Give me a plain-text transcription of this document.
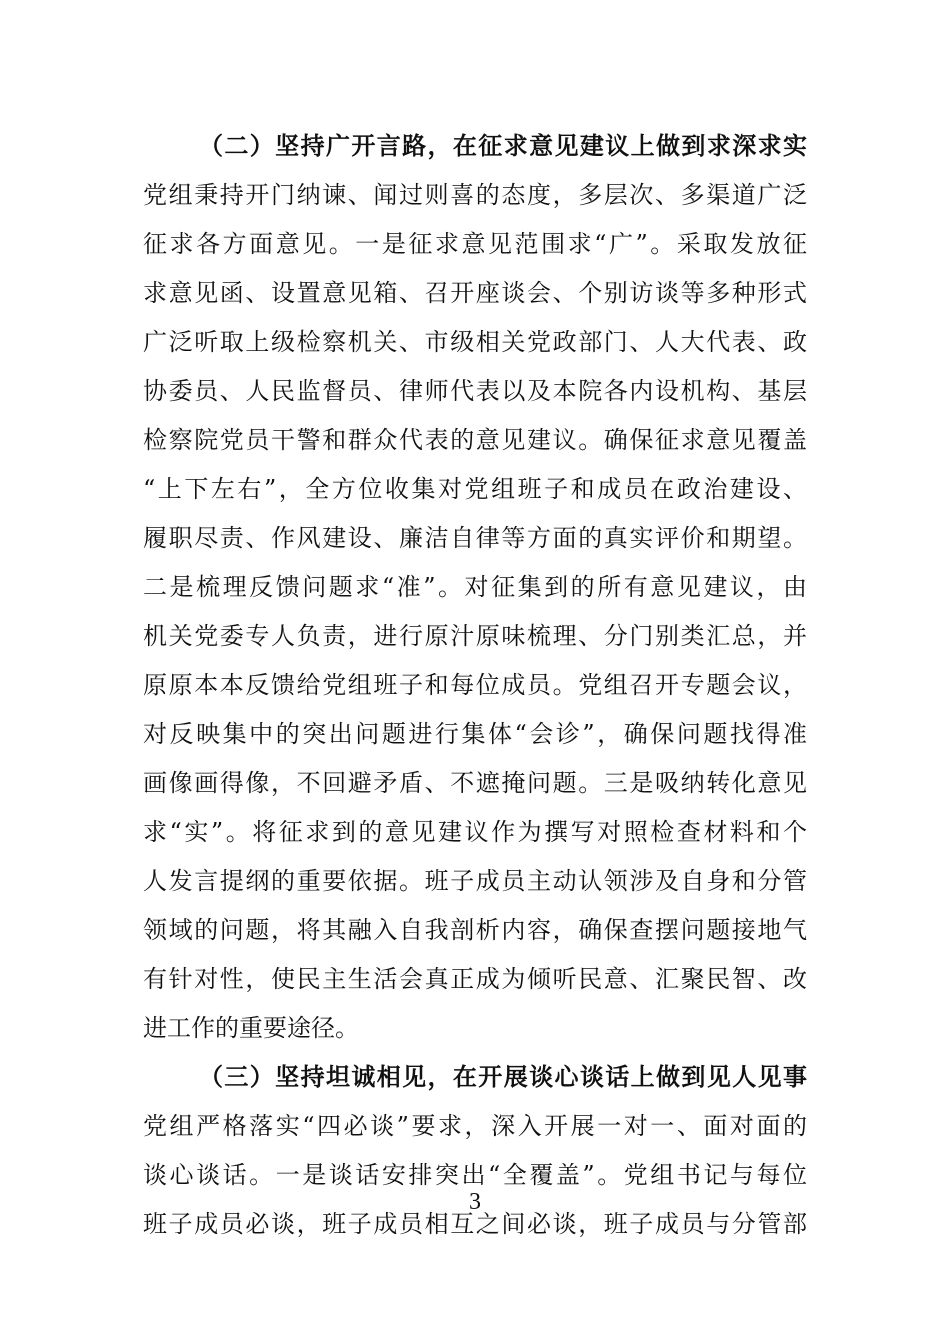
（二）坚持广开言路，在征求意见建议上做到求深求实
党组秉持开门纳谏、闻过则喜的态度，多层次、多渠道广泛
征求各方面意见。一是征求意见范围求“广”。采取发放征
求意见函、设置意见箱、召开座谈会、个别访谈等多种形式
广泛听取上级检察机关、市级相关党政部门、人大代表、政
协委员、人民监督员、律师代表以及本院各内设机构、基层
检察院党员干警和群众代表的意见建议。确保征求意见覆盖
“上下左右”，全方位收集对党组班子和成员在政治建设、
履职尽责、作风建设、廉洁自律等方面的真实评价和期望。
二是梳理反馈问题求“准”。对征集到的所有意见建议，由
机关党委专人负责，进行原汁原味梳理、分门别类汇总，并
原原本本反馈给党组班子和每位成员。党组召开专题会议，
对反映集中的突出问题进行集体“会诊”，确保问题找得准
画像画得像，不回避矛盾、不遮掩问题。三是吸纳转化意见
求“实”。将征求到的意见建议作为撰写对照检查材料和个
人发言提纲的重要依据。班子成员主动认领涉及自身和分管
领域的问题，将其融入自我剖析内容，确保查摆问题接地气
有针对性，使民主生活会真正成为倾听民意、汇聚民智、改
进工作的重要途径。
（三）坚持坦诚相见，在开展谈心谈话上做到见人见事
党组严格落实“四必谈”要求，深入开展一对一、面对面的
谈心谈话。一是谈话安排突出“全覆盖”。党组书记与每位
班子成员必谈，班子成员相互之间必谈，班子成员与分管部
3
